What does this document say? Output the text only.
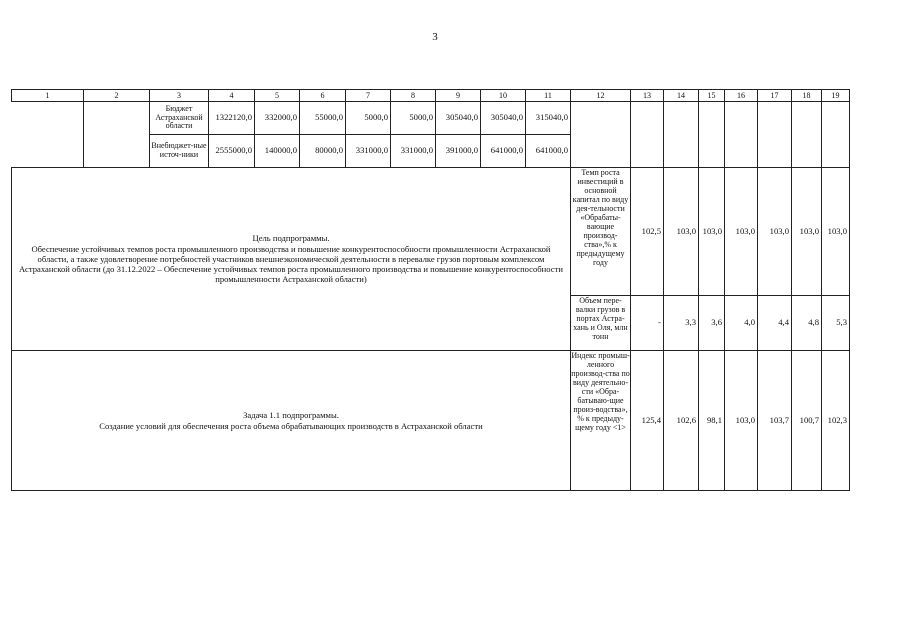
3
1	2	3	4	5	6	7	8	9	10	11	12	13	14	15	16	17	18	19
		Бюджет Астраханской области	1322120,0	332000,0	55000,0	5000,0	5000,0	305040,0	305040,0	315040,0								
		Внебюджет-ные источ-ники	2555000,0	140000,0	80000,0	331000,0	331000,0	391000,0	641000,0	641000,0								

Цель подпрограммы.
Обеспечение устойчивых темпов роста промышленного производства и повышение конкурентоспособности промышленности Астраханской области, а также удовлетворение потребностей участников внешнеэкономической деятельности в перевалке грузов портовым комплексом Астраханской области (до 31.12.2022 – Обеспечение устойчивых темпов роста промышленного производства и повышение конкурентоспособности промышленности Астраханской области)											Темп роста инвестиций в основной капитал по виду дея-тельности «Обрабаты-вающие производ-ства»,% к предыдущему году	102,5	103,0	103,0	103,0	103,0	103,0	103,0
											Объем пере-валки грузов в портах Астра-хань и Оля, млн тонн	-	3,3	3,6	4,0	4,4	4,8	5,3

Задача 1.1 подпрограммы.
Создание условий для обеспечения роста объема обрабатывающих производств в Астраханской области											Индекс промыш-ленного производ-ства по виду деятельно-сти «Обра-батываю-щие произ-водства», % к предыду-щему году <1>	125,4	102,6	98,1	103,0	103,7	100,7	102,3
